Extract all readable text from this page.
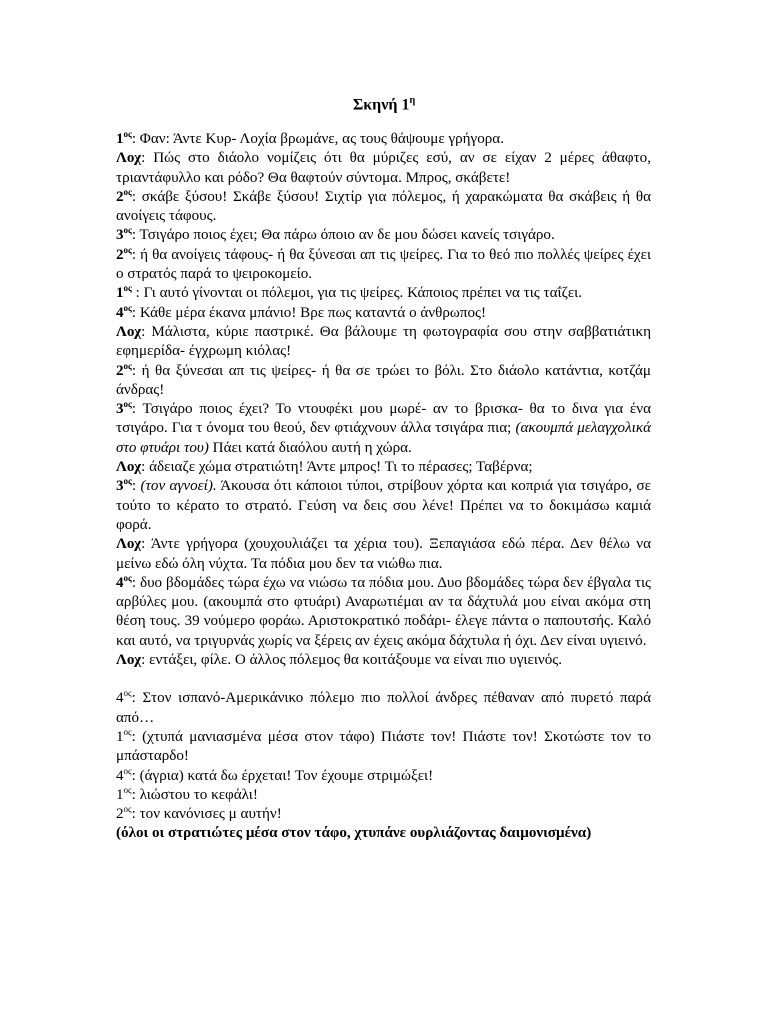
Σκηνή $1^\eta$

$1^{o\varsigma}$: Φαν: Άντε Κυρ- Λοχία βρωμάνε, ας τους θάψουμε γρήγορα.

Λοχ: Πώς στο διάολο νομίζεις ότι θα μύριζες εσύ, αν σε είχαν 2 μέρες άθαφτο, τριαντάφυλλο και ρόδο? Θα θαφτούν σύντομα. Μπρος, σκάβετε!

$2^{o\varsigma}$: σκάβε ξύσου! Σκάβε ξύσου! Σιχτίρ για πόλεμος, ή χαρακώματα θα σκάβεις ή θα ανοίγεις τάφους.

$3^{o\varsigma}$: Τσιγάρο ποιος έχει; Θα πάρω όποιο αν δε μου δώσει κανείς τσιγάρο.

$2^{o\varsigma}$: ή θα ανοίγεις τάφους- ή θα ξύνεσαι απ τις ψείρες. Για το θεό πιο πολλές ψείρες έχει ο στρατός παρά το ψειροκομείο.

$1^{o\varsigma}$ : Γι αυτό γίνονται οι πόλεμοι, για τις ψείρες. Κάποιος πρέπει να τις ταΐζει.

$4^{o\varsigma}$: Κάθε μέρα έκανα μπάνιο! Βρε πως καταντά ο άνθρωπος!

Λοχ: Μάλιστα, κύριε παστρικέ. Θα βάλουμε τη φωτογραφία σου στην σαββατιάτικη εφημερίδα- έγχρωμη κιόλας!

$2^{o\varsigma}$: ή θα ξύνεσαι απ τις ψείρες- ή θα σε τρώει το βόλι. Στο διάολο κατάντια, κοτζάμ άνδρας!

$3^{o\varsigma}$: Τσιγάρο ποιος έχει? Το ντουφέκι μου μωρέ- αν το βρισκα- θα το δινα για ένα τσιγάρο. Για τ όνομα του θεού, δεν φτιάχνουν άλλα τσιγάρα πια; (ακουμπά μελαγχολικά στο φτυάρι του) Πάει κατά διαόλου αυτή η χώρα.

Λοχ: άδειαζε χώμα στρατιώτη! Άντε μπρος! Τι το πέρασες; Ταβέρνα;

$3^{o\varsigma}$: (τον αγνοεί). Άκουσα ότι κάποιοι τύποι, στρίβουν χόρτα και κοπριά για τσιγάρο, σε τούτο το κέρατο το στρατό. Γεύση να δεις σου λένε! Πρέπει να το δοκιμάσω καμιά φορά.

Λοχ: Άντε γρήγορα (χουχουλιάζει τα χέρια του). Ξεπαγιάσα εδώ πέρα. Δεν θέλω να μείνω εδώ όλη νύχτα. Τα πόδια μου δεν τα νιώθω πια.

$4^{o\varsigma}$: δυο βδομάδες τώρα έχω να νιώσω τα πόδια μου. Δυο βδομάδες τώρα δεν έβγαλα τις αρβύλες μου. (ακουμπά στο φτυάρι) Αναρωτιέμαι αν τα δάχτυλά μου είναι ακόμα στη θέση τους. 39 νούμερο φοράω. Αριστοκρατικό ποδάρι- έλεγε πάντα ο παπουτσής. Καλό και αυτό, να τριγυρνάς χωρίς να ξέρεις αν έχεις ακόμα δάχτυλα ή όχι. Δεν είναι υγιεινό.

Λοχ: εντάξει, φίλε. Ο άλλος πόλεμος θα κοιτάξουμε να είναι πιο υγιεινός.

$4^{o\varsigma}$: Στον ισπανό-Αμερικάνικο πόλεμο πιο πολλοί άνδρες πέθαναν από πυρετό παρά από…

$1^{o\varsigma}$: (χτυπά μανιασμένα μέσα στον τάφο) Πιάστε τον! Πιάστε τον! Σκοτώστε τον το μπάσταρδο!

$4^{o\varsigma}$: (άγρια) κατά δω έρχεται! Τον έχουμε στριμώξει!

$1^{o\varsigma}$: λιώστου το κεφάλι!

$2^{o\varsigma}$: τον κανόνισες μ αυτήν!

(όλοι οι στρατιώτες μέσα στον τάφο, χτυπάνε ουρλιάζοντας δαιμονισμένα)
